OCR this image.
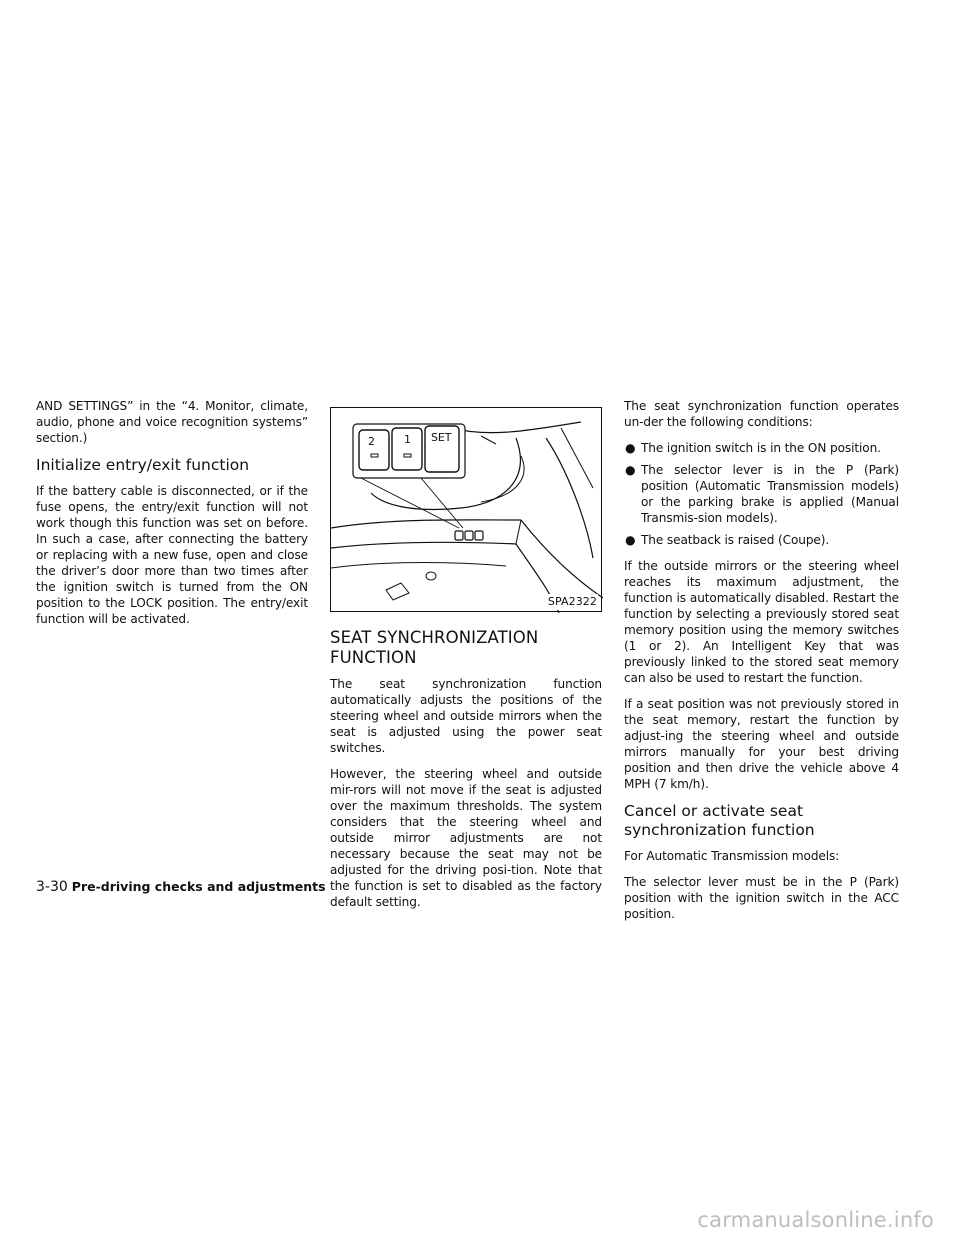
AND SETTINGS” in the “4. Monitor, climate, audio, phone and voice recognition systems” section.)

Initialize entry/exit function

If the battery cable is disconnected, or if the fuse opens, the entry/exit function will not work though this function was set on before. In such a case, after connecting the battery or replacing with a new fuse, open and close the driver’s door more than two times after the ignition switch is turned from the ON position to the LOCK position. The entry/exit function will be activated.

2	1 SET
SPA2322
SEAT SYNCHRONIZATION FUNCTION

The seat synchronization function automatically adjusts the positions of the steering wheel and outside mirrors when the seat is adjusted using the power seat switches.

However, the steering wheel and outside mir-rors will not move if the seat is adjusted over the maximum thresholds. The system considers that the steering wheel and outside mirror adjustments are not necessary because the seat may not be adjusted for the driving posi-tion. Note that the function is set to disabled as the factory default setting.

The seat synchronization function operates un-der the following conditions:

● The ignition switch is in the ON position.
● The selector lever is in the P (Park) position (Automatic Transmission models) or the parking brake is applied (Manual Transmis-sion models).
● The seatback is raised (Coupe).

If the outside mirrors or the steering wheel reaches its maximum adjustment, the function is automatically disabled. Restart the function by selecting a previously stored seat memory position using the memory switches (1 or 2). An Intelligent Key that was previously linked to the stored seat memory can also be used to restart the function.

If a seat position was not previously stored in the seat memory, restart the function by adjust-ing the steering wheel and outside mirrors manually for your best driving position and then drive the vehicle above 4 MPH (7 km/h).

Cancel or activate seat synchronization function

For Automatic Transmission models:

The selector lever must be in the P (Park) position with the ignition switch in the ACC position.

3-30 Pre-driving checks and adjustments
carmanualsonline.info
